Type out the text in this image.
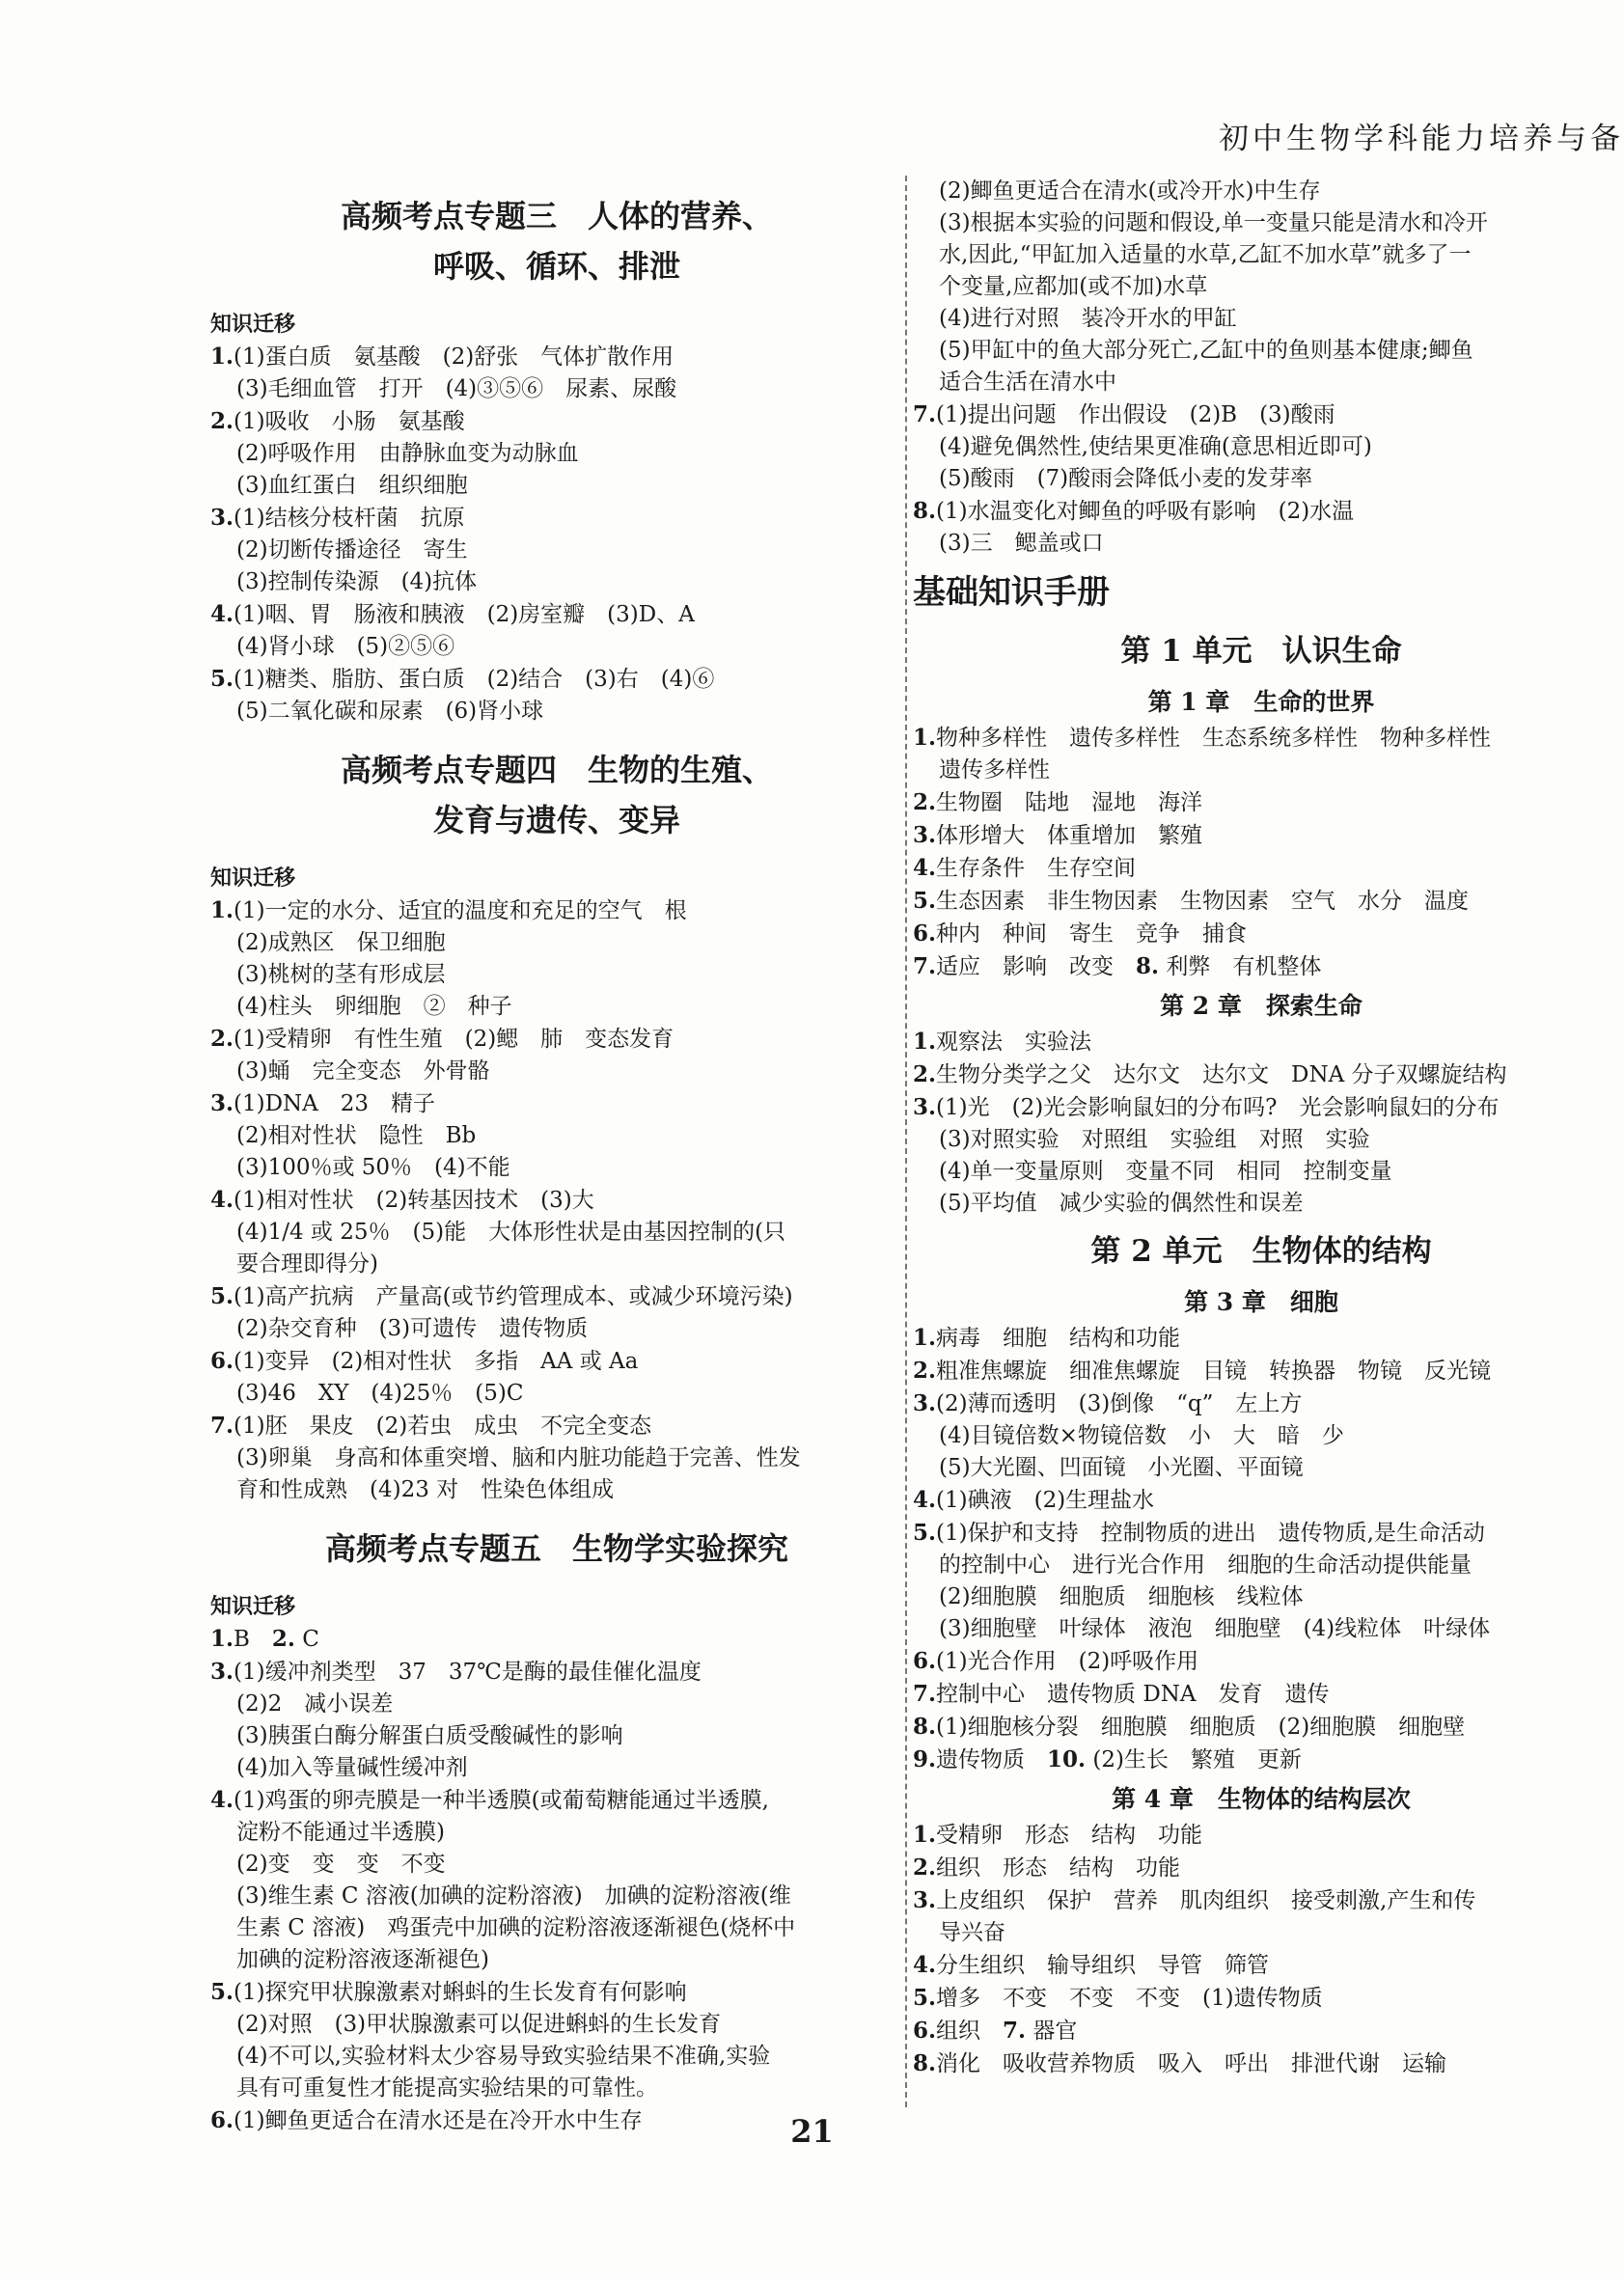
初中生物学科能力培养与备
高频考点专题三　人体的营养、
呼吸、循环、排泄
知识迁移
1.(1)蛋白质　氨基酸　(2)舒张　气体扩散作用
(3)毛细血管　打开　(4)③⑤⑥　尿素、尿酸
2.(1)吸收　小肠　氨基酸
(2)呼吸作用　由静脉血变为动脉血
(3)血红蛋白　组织细胞
3.(1)结核分枝杆菌　抗原
(2)切断传播途径　寄生
(3)控制传染源　(4)抗体
4.(1)咽、胃　肠液和胰液　(2)房室瓣　(3)D、A
(4)肾小球　(5)②⑤⑥
5.(1)糖类、脂肪、蛋白质　(2)结合　(3)右　(4)⑥
(5)二氧化碳和尿素　(6)肾小球
高频考点专题四　生物的生殖、
发育与遗传、变异
知识迁移
1.(1)一定的水分、适宜的温度和充足的空气　根
(2)成熟区　保卫细胞
(3)桃树的茎有形成层
(4)柱头　卵细胞　②　种子
2.(1)受精卵　有性生殖　(2)鳃　肺　变态发育
(3)蛹　完全变态　外骨骼
3.(1)DNA　23　精子
(2)相对性状　隐性　Bb
(3)100％或 50％　(4)不能
4.(1)相对性状　(2)转基因技术　(3)大
(4)1/4 或 25％　(5)能　大体形性状是由基因控制的(只
要合理即得分)
5.(1)高产抗病　产量高(或节约管理成本、或减少环境污染)
(2)杂交育种　(3)可遗传　遗传物质
6.(1)变异　(2)相对性状　多指　AA 或 Aa
(3)46　XY　(4)25％　(5)C
7.(1)胚　果皮　(2)若虫　成虫　不完全变态
(3)卵巢　身高和体重突增、脑和内脏功能趋于完善、性发
育和性成熟　(4)23 对　性染色体组成
高频考点专题五　生物学实验探究
知识迁移
1.B　2. C
3.(1)缓冲剂类型　37　37℃是酶的最佳催化温度
(2)2　减小误差
(3)胰蛋白酶分解蛋白质受酸碱性的影响
(4)加入等量碱性缓冲剂
4.(1)鸡蛋的卵壳膜是一种半透膜(或葡萄糖能通过半透膜,
淀粉不能通过半透膜)
(2)变　变　变　不变
(3)维生素 C 溶液(加碘的淀粉溶液)　加碘的淀粉溶液(维
生素 C 溶液)　鸡蛋壳中加碘的淀粉溶液逐渐褪色(烧杯中
加碘的淀粉溶液逐渐褪色)
5.(1)探究甲状腺激素对蝌蚪的生长发育有何影响
(2)对照　(3)甲状腺激素可以促进蝌蚪的生长发育
(4)不可以,实验材料太少容易导致实验结果不准确,实验
具有可重复性才能提高实验结果的可靠性。
6.(1)鲫鱼更适合在清水还是在冷开水中生存
(2)鲫鱼更适合在清水(或冷开水)中生存
(3)根据本实验的问题和假设,单一变量只能是清水和冷开
水,因此,“甲缸加入适量的水草,乙缸不加水草”就多了一
个变量,应都加(或不加)水草
(4)进行对照　装冷开水的甲缸
(5)甲缸中的鱼大部分死亡,乙缸中的鱼则基本健康;鲫鱼
适合生活在清水中
7.(1)提出问题　作出假设　(2)B　(3)酸雨
(4)避免偶然性,使结果更准确(意思相近即可)
(5)酸雨　(7)酸雨会降低小麦的发芽率
8.(1)水温变化对鲫鱼的呼吸有影响　(2)水温
(3)三　鳃盖或口
基础知识手册
第 1 单元　认识生命
第 1 章　生命的世界
1.物种多样性　遗传多样性　生态系统多样性　物种多样性
遗传多样性
2.生物圈　陆地　湿地　海洋
3.体形增大　体重增加　繁殖
4.生存条件　生存空间
5.生态因素　非生物因素　生物因素　空气　水分　温度
6.种内　种间　寄生　竞争　捕食
7.适应　影响　改变　8. 利弊　有机整体
第 2 章　探索生命
1.观察法　实验法
2.生物分类学之父　达尔文　达尔文　DNA 分子双螺旋结构
3.(1)光　(2)光会影响鼠妇的分布吗?　光会影响鼠妇的分布
(3)对照实验　对照组　实验组　对照　实验
(4)单一变量原则　变量不同　相同　控制变量
(5)平均值　减少实验的偶然性和误差
第 2 单元　生物体的结构
第 3 章　细胞
1.病毒　细胞　结构和功能
2.粗准焦螺旋　细准焦螺旋　目镜　转换器　物镜　反光镜
3.(2)薄而透明　(3)倒像　“q”　左上方
(4)目镜倍数×物镜倍数　小　大　暗　少
(5)大光圈、凹面镜　小光圈、平面镜
4.(1)碘液　(2)生理盐水
5.(1)保护和支持　控制物质的进出　遗传物质,是生命活动
的控制中心　进行光合作用　细胞的生命活动提供能量
(2)细胞膜　细胞质　细胞核　线粒体
(3)细胞壁　叶绿体　液泡　细胞壁　(4)线粒体　叶绿体
6.(1)光合作用　(2)呼吸作用
7.控制中心　遗传物质 DNA　发育　遗传
8.(1)细胞核分裂　细胞膜　细胞质　(2)细胞膜　细胞壁
9.遗传物质　10. (2)生长　繁殖　更新
第 4 章　生物体的结构层次
1.受精卵　形态　结构　功能
2.组织　形态　结构　功能
3.上皮组织　保护　营养　肌肉组织　接受刺激,产生和传
导兴奋
4.分生组织　输导组织　导管　筛管
5.增多　不变　不变　不变　(1)遗传物质
6.组织　7. 器官
8.消化　吸收营养物质　吸入　呼出　排泄代谢　运输
21
